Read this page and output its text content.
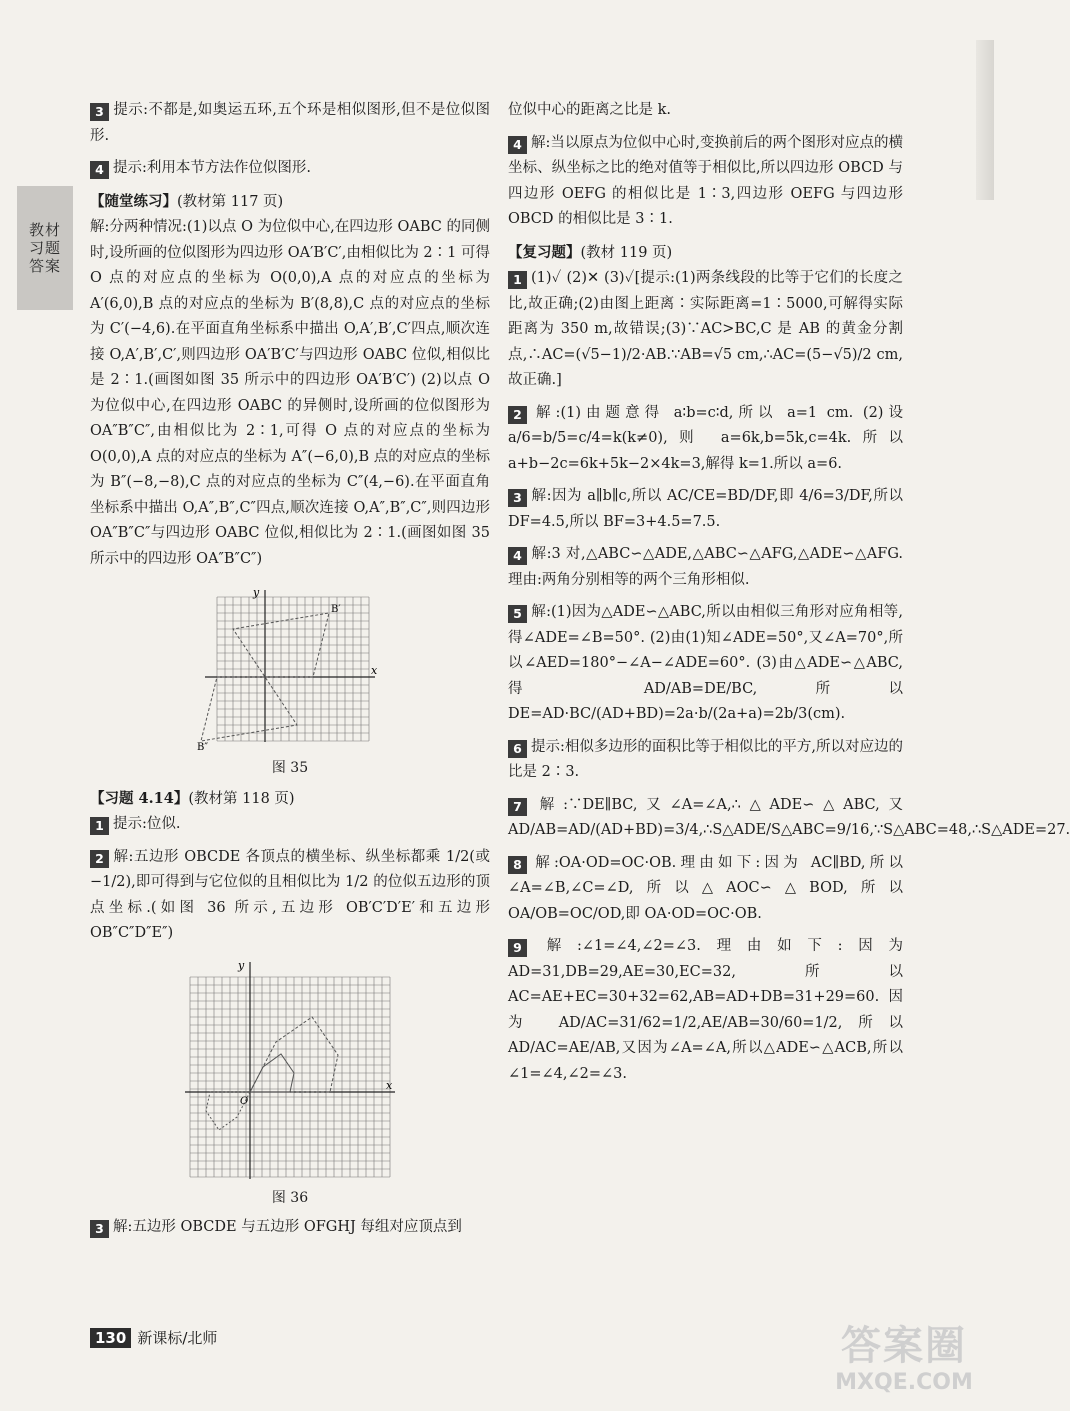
教材习题答案

3 提示:不都是,如奥运五环,五个环是相似图形,但不是位似图形.

4 提示:利用本节方法作位似图形.

【随堂练习】(教材第 117 页)

解:分两种情况:(1)以点 O 为位似中心,在四边形 OABC 的同侧时,设所画的位似图形为四边形 OA′B′C′,由相似比为 2∶1 可得 O 点的对应点的坐标为 O(0,0),A 点的对应点的坐标为 A′(6,0),B 点的对应点的坐标为 B′(8,8),C 点的对应点的坐标为 C′(−4,6).在平面直角坐标系中描出 O,A′,B′,C′四点,顺次连接 O,A′,B′,C′,则四边形 OA′B′C′与四边形 OABC 位似,相似比是 2∶1.(画图如图 35 所示中的四边形 OA′B′C′) (2)以点 O 为位似中心,在四边形 OABC 的异侧时,设所画的位似图形为 OA″B″C″,由相似比为 2∶1,可得 O 点的对应点的坐标为 O(0,0),A 点的对应点的坐标为 A″(−6,0),B 点的对应点的坐标为 B″(−8,−8),C 点的对应点的坐标为 C″(4,−6).在平面直角坐标系中描出 O,A″,B″,C″四点,顺次连接 O,A″,B″,C″,则四边形 OA″B″C″与四边形 OABC 位似,相似比为 2∶1.(画图如图 35 所示中的四边形 OA″B″C″)

x
y
B′
B″
图 35

【习题 4.14】(教材第 118 页)

1 提示:位似.

2 解:五边形 OBCDE 各顶点的横坐标、纵坐标都乘 1/2(或 −1/2),即可得到与它位似的且相似比为 1/2 的位似五边形的顶点坐标.(如图 36 所示,五边形 OB′C′D′E′和五边形 OB″C″D″E″)

x
y
O
图 36

3 解:五边形 OBCDE 与五边形 OFGHJ 每组对应顶点到

位似中心的距离之比是 k.

4 解:当以原点为位似中心时,变换前后的两个图形对应点的横坐标、纵坐标之比的绝对值等于相似比,所以四边形 OBCD 与四边形 OEFG 的相似比是 1∶3,四边形 OEFG 与四边形 OBCD 的相似比是 3∶1.

【复习题】(教材 119 页)

1 (1)✓ (2)✕ (3)✓[提示:(1)两条线段的比等于它们的长度之比,故正确;(2)由图上距离∶实际距离=1∶5000,可解得实际距离为 350 m,故错误;(3)∵AC>BC,C 是 AB 的黄金分割点,∴AC=(√5−1)/2·AB.∵AB=√5 cm,∴AC=(5−√5)/2 cm,故正确.]

2 解:(1)由题意得 a∶b=c∶d,所以 a=1 cm. (2)设 a/6=b/5=c/4=k(k≠0),则 a=6k,b=5k,c=4k.所以 a+b−2c=6k+5k−2×4k=3,解得 k=1.所以 a=6.

3 解:因为 a∥b∥c,所以 AC/CE=BD/DF,即 4/6=3/DF,所以 DF=4.5,所以 BF=3+4.5=7.5.

4 解:3 对,△ABC∽△ADE,△ABC∽△AFG,△ADE∽△AFG.理由:两角分别相等的两个三角形相似.

5 解:(1)因为△ADE∽△ABC,所以由相似三角形对应角相等,得∠ADE=∠B=50°. (2)由(1)知∠ADE=50°,又∠A=70°,所以∠AED=180°−∠A−∠ADE=60°. (3)由△ADE∽△ABC,得 AD/AB=DE/BC,所以 DE=AD·BC/(AD+BD)=2a·b/(2a+a)=2b/3(cm).

6 提示:相似多边形的面积比等于相似比的平方,所以对应边的比是 2∶3.

7 解:∵DE∥BC,又∠A=∠A,∴△ADE∽△ABC,又 AD/AB=AD/(AD+BD)=3/4,∴S△ADE/S△ABC=9/16,∵S△ABC=48,∴S△ADE=27.

8 解:OA·OD=OC·OB.理由如下:因为 AC∥BD,所以∠A=∠B,∠C=∠D,所以△AOC∽△BOD,所以 OA/OB=OC/OD,即 OA·OD=OC·OB.

9 解:∠1=∠4,∠2=∠3.理由如下:因为 AD=31,DB=29,AE=30,EC=32,所以 AC=AE+EC=30+32=62,AB=AD+DB=31+29=60.因为 AD/AC=31/62=1/2,AE/AB=30/60=1/2,所以 AD/AC=AE/AB,又因为∠A=∠A,所以△ADE∽△ACB,所以∠1=∠4,∠2=∠3.

130 新课标/北师	答案圈
MXQE.COM
